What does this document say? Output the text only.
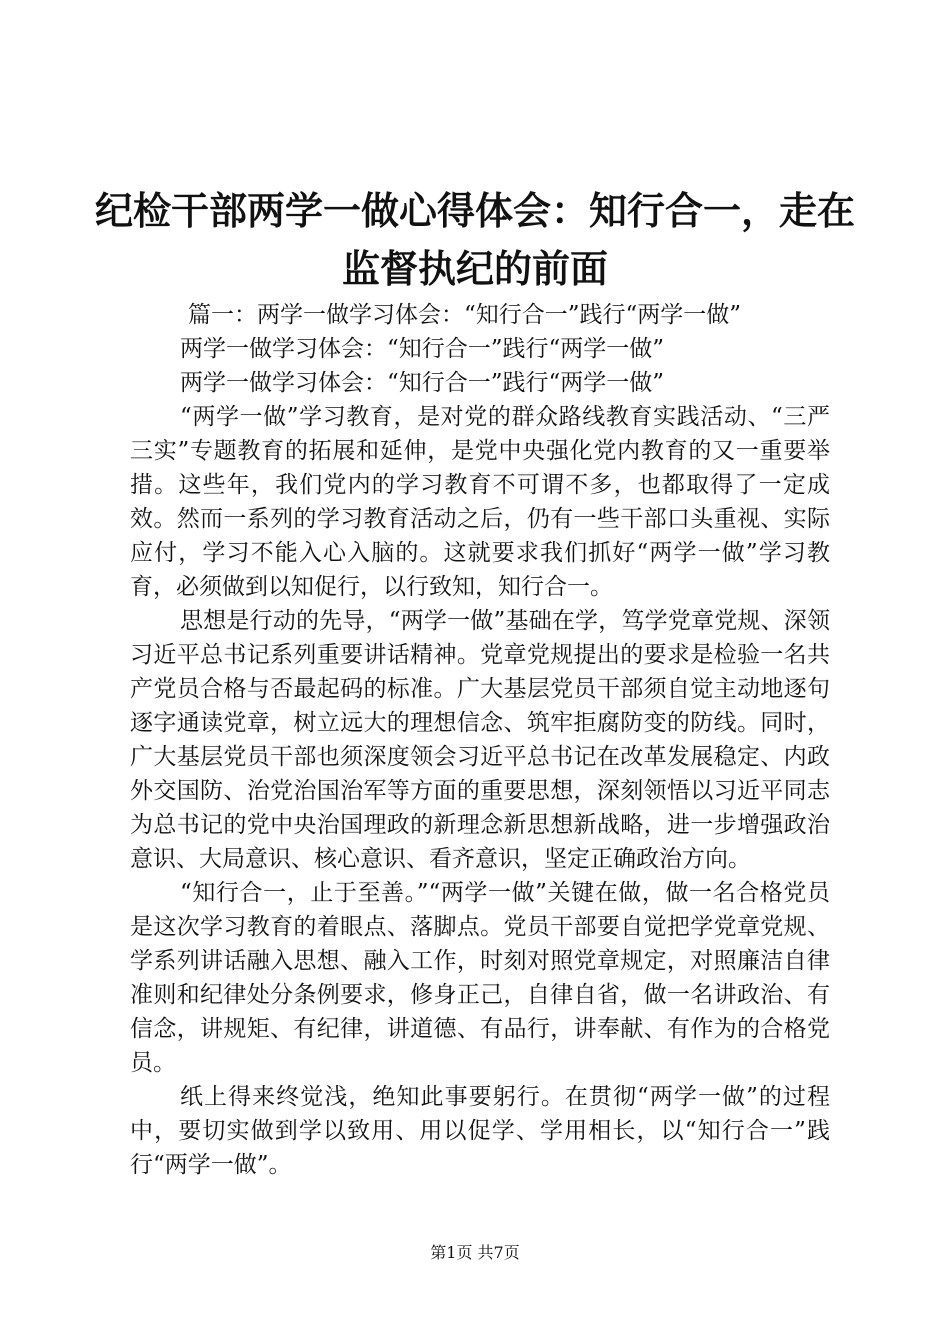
纪检干部两学一做心得体会：知行合一，走在
监督执纪的前面

篇一：两学一做学习体会：“知行合一”践行“两学一做”

两学一做学习体会：“知行合一”践行“两学一做”

两学一做学习体会：“知行合一”践行“两学一做”

“两学一做”学习教育，是对党的群众路线教育实践活动、“三严三实”专题教育的拓展和延伸，是党中央强化党内教育的又一重要举措。这些年，我们党内的学习教育不可谓不多，也都取得了一定成效。然而一系列的学习教育活动之后，仍有一些干部口头重视、实际应付，学习不能入心入脑的。这就要求我们抓好“两学一做”学习教育，必须做到以知促行，以行致知，知行合一。

思想是行动的先导，“两学一做”基础在学，笃学党章党规、深领习近平总书记系列重要讲话精神。党章党规提出的要求是检验一名共产党员合格与否最起码的标准。广大基层党员干部须自觉主动地逐句逐字通读党章，树立远大的理想信念、筑牢拒腐防变的防线。同时，广大基层党员干部也须深度领会习近平总书记在改革发展稳定、内政外交国防、治党治国治军等方面的重要思想，深刻领悟以习近平同志为总书记的党中央治国理政的新理念新思想新战略，进一步增强政治意识、大局意识、核心意识、看齐意识，坚定正确政治方向。

“知行合一，止于至善。”“两学一做”关键在做，做一名合格党员是这次学习教育的着眼点、落脚点。党员干部要自觉把学党章党规、学系列讲话融入思想、融入工作，时刻对照党章规定，对照廉洁自律准则和纪律处分条例要求，修身正己，自律自省，做一名讲政治、有信念，讲规矩、有纪律，讲道德、有品行，讲奉献、有作为的合格党员。

纸上得来终觉浅，绝知此事要躬行。在贯彻“两学一做”的过程中，要切实做到学以致用、用以促学、学用相长，以“知行合一”践行“两学一做”。

第1页 共7页
